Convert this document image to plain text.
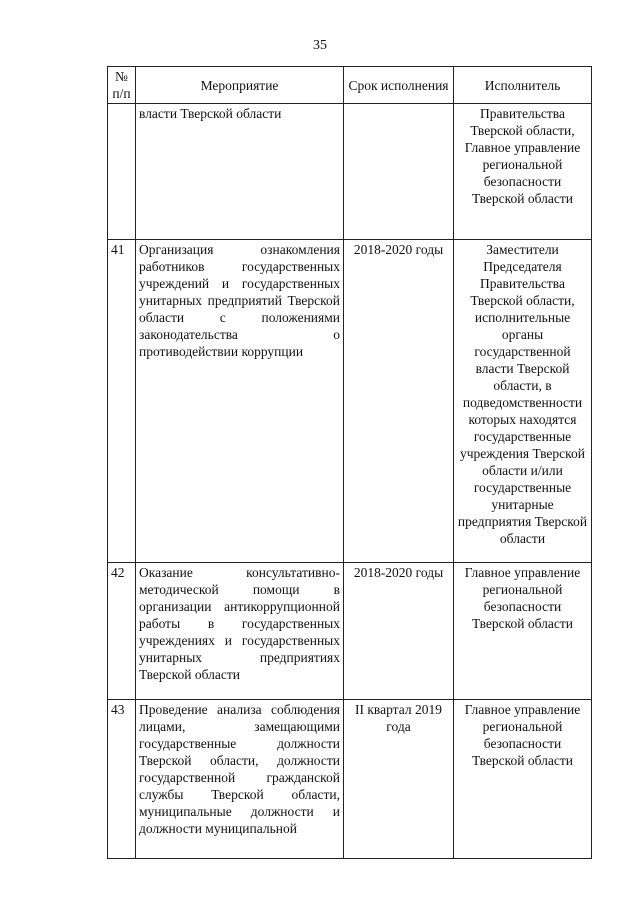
35
№ п/п	Мероприятие	Срок исполнения	Исполнитель
	власти Тверской области		Правительства Тверской области, Главное управление региональной безопасности Тверской области
41	Организация ознакомления работников государственных учреждений и государственных унитарных предприятий Тверской области с положениями законодательства о противодействии коррупции	2018-2020 годы	Заместители Председателя Правительства Тверской области, исполнительные органы государственной власти Тверской области, в подведомственности которых находятся государственные учреждения Тверской области и/или государственные унитарные предприятия Тверской области
42	Оказание консультативно-методической помощи в организации антикоррупционной работы в государственных учреждениях и государственных унитарных предприятиях Тверской области	2018-2020 годы	Главное управление региональной безопасности Тверской области
43	Проведение анализа соблюдения лицами, замещающими государственные должности Тверской области, должности государственной гражданской службы Тверской области, муниципальные должности и должности муниципальной	II квартал 2019 года	Главное управление региональной безопасности Тверской области
